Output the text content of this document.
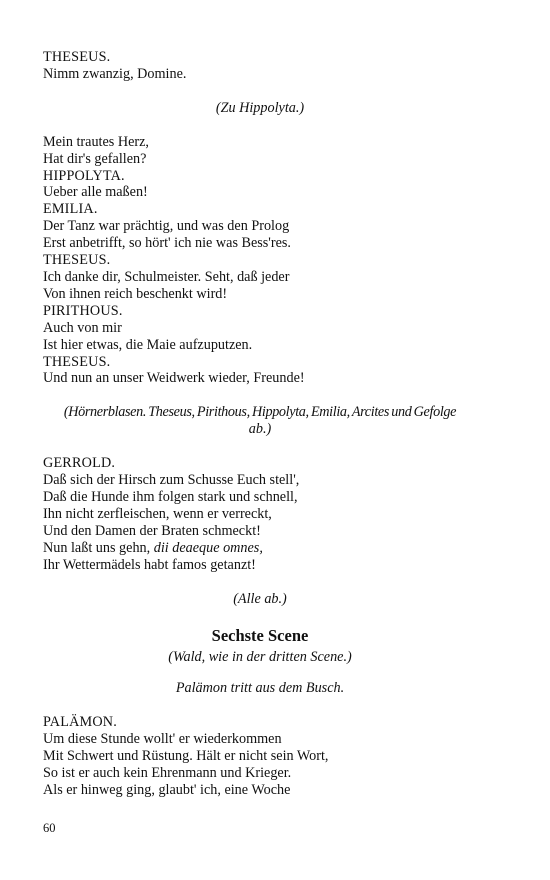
THESEUS.
Nimm zwanzig, Domine.
(Zu Hippolyta.)
Mein trautes Herz,
Hat dir's gefallen?
HIPPOLYTA.
Ueber alle maßen!
EMILIA.
Der Tanz war prächtig, und was den Prolog
Erst anbetrifft, so hört' ich nie was Bess'res.
THESEUS.
Ich danke dir, Schulmeister. Seht, daß jeder
Von ihnen reich beschenkt wird!
PIRITHOUS.
Auch von mir
Ist hier etwas, die Maie aufzuputzen.
THESEUS.
Und nun an unser Weidwerk wieder, Freunde!
(Hörnerblasen. Theseus, Pirithous, Hippolyta, Emilia, Arcites und Gefolge
ab.)
GERROLD.
Daß sich der Hirsch zum Schusse Euch stell',
Daß die Hunde ihm folgen stark und schnell,
Ihn nicht zerfleischen, wenn er verreckt,
Und den Damen der Braten schmeckt!
Nun laßt uns gehn, dii deaeque omnes,
Ihr Wettermädels habt famos getanzt!
(Alle ab.)
Sechste Scene
(Wald, wie in der dritten Scene.)
Palämon tritt aus dem Busch.
PALÄMON.
Um diese Stunde wollt' er wiederkommen
Mit Schwert und Rüstung. Hält er nicht sein Wort,
So ist er auch kein Ehrenmann und Krieger.
Als er hinweg ging, glaubt' ich, eine Woche
60
